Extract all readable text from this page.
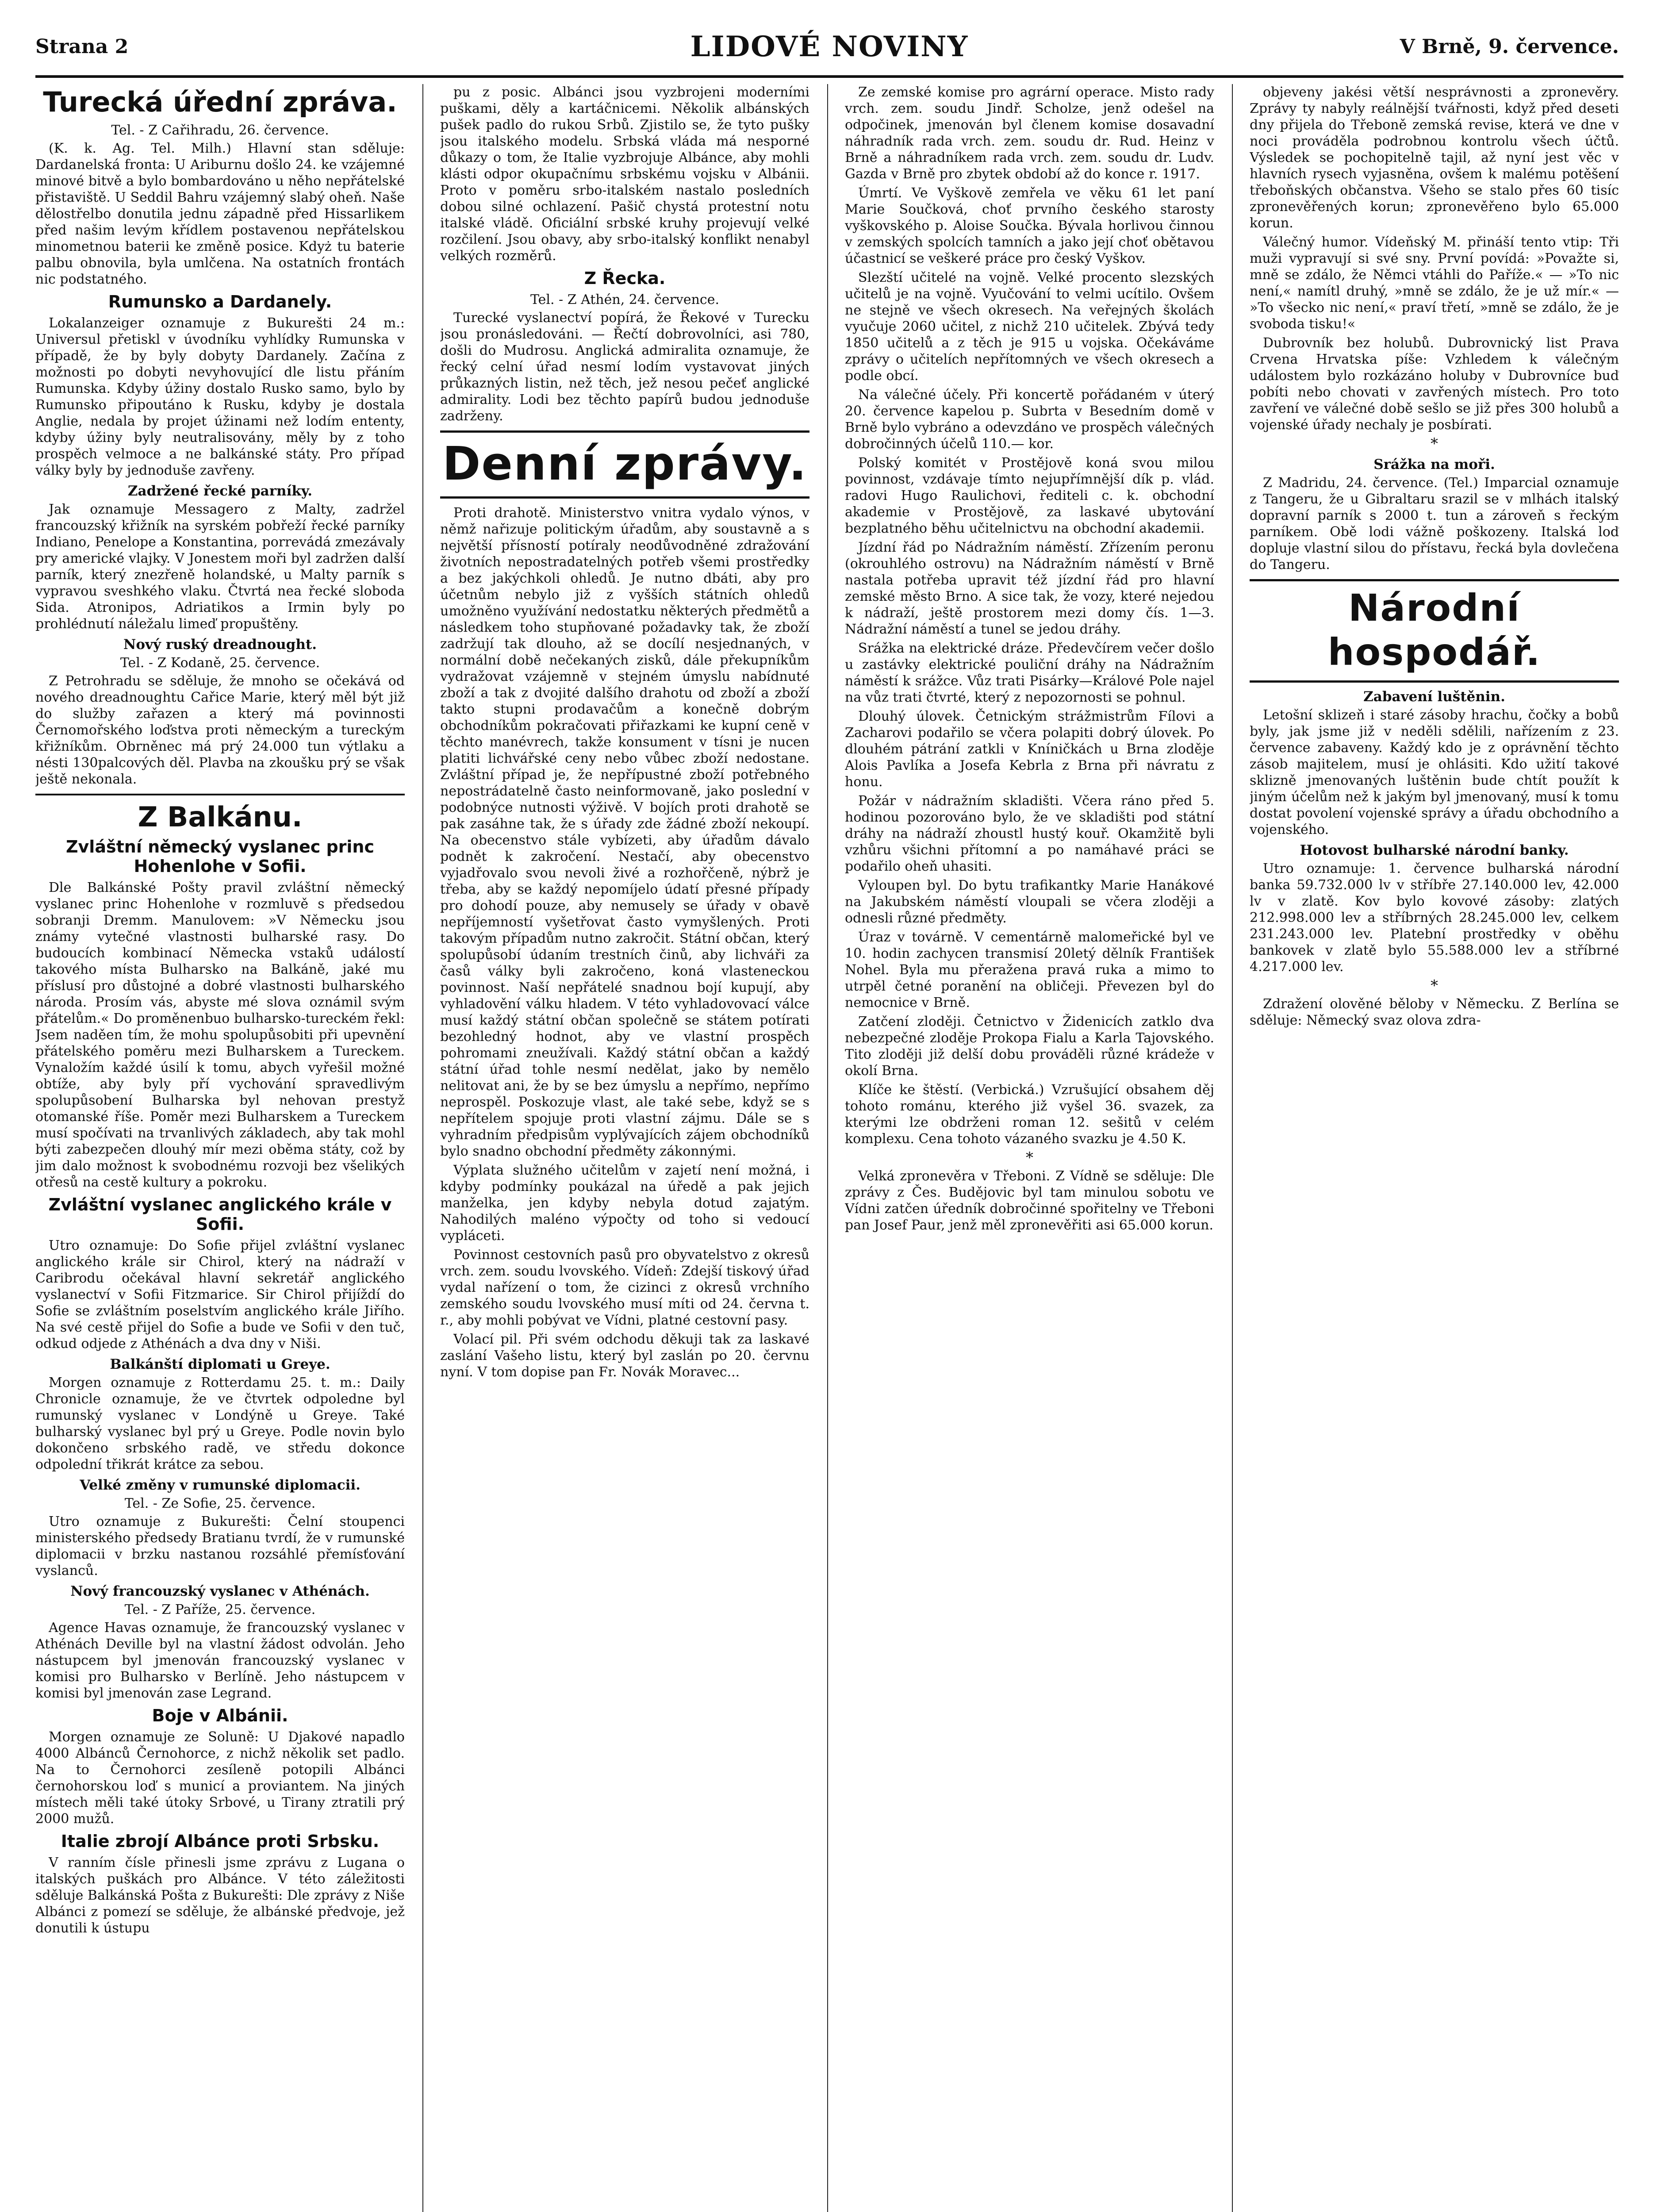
Strana 2	LIDOVÉ NOVINY	V Brně, 9. července.
Turecká úřední zpráva.
Tel. - Z Cařihradu, 26. července.

(K. k. Ag. Tel. Milh.) Hlavní stan sděluje: Dardanelská fronta: U Ariburnu došlo 24. ke vzájemné minové bitvě a bylo bombardováno u něho nepřátelské přistaviště. U Seddil Bahru vzájemný slabý oheň. Naše dělostřelbo donutila jednu západně před Hissarlikem před našim levým křídlem postavenou nepřátelskou minometnou baterii ke změně posice. Kdyż tu baterie palbu obnovila, byla umlčena. Na ostatních frontách nic podstatného.

Rumunsko a Dardanely.

Lokalanzeiger oznamuje z Bukurešti 24 m.: Universul přetiskl v úvodníku vyhlídky Rumunska v případě, že by byly dobyty Dardanely. Začína z možnosti po dobyti nevyhovující dle listu přáním Rumunska. Kdyby úžiny dostalo Rusko samo, bylo by Rumunsko připoutáno k Rusku, kdyby je dostala Anglie, nedala by projet úžinami než lodím ententy, kdyby úžiny byly neutralisovány, měly by z toho prospěch velmoce a ne balkánské státy. Pro případ války byly by jednoduše zavřeny.

Zadržené řecké parníky.

Jak oznamuje Messagero z Malty, zadržel francouzský křižník na syrském pobřeží řecké parníky Indiano, Penelope a Konstantina, porrevádá zmezávaly pry americké vlajky. V Jonestem moři byl zadržen další parník, který znezřeně holandské, u Malty parník s vypravou sveshkého vlaku. Čtvrtá nea řecké sloboda Sida. Atronipos, Adriatikos a Irmin byly po prohlédnutí náležalu limeď propuštěny.

Nový ruský dreadnought.
Tel. - Z Kodaně, 25. července.

Z Petrohradu se sděluje, že mnoho se očekává od nového dreadnoughtu Cařice Marie, který měl být již do služby zařazen a který má povinnosti Černomořského loďstva proti německým a tureckým křižníkům. Obrněnec má prý 24.000 tun výtlaku a nésti 130palcových děl. Plavba na zkoušku prý se však ještě nekonala.

Z Balkánu.
Zvláštní německý vyslanec princ Hohenlohe v Sofii.

Dle Balkánské Pošty pravil zvláštní německý vyslanec princ Hohenlohe v rozmluvě s předsedou sobranji Dremm. Manulovem: »V Německu jsou známy vytečné vlastnosti bulharské rasy. Do budoucích kombinací Německa vstaků událostí takového místa Bulharsko na Balkáně, jaké mu příslusí pro důstojné a dobré vlastnosti bulharského národa. Prosím vás, abyste mé slova oznámil svým přátelům.« Do proměnenbuo bulharsko-tureckém řekl: Jsem naděen tím, že mohu spolupůsobiti při upevnění přátelského poměru mezi Bulharskem a Tureckem. Vynaložím každé úsilí k tomu, abych vyřešil možné obtíže, aby byly pří vychování spravedlivým spolupůsobení Bulharska byl nehovan prestyž otomanské říše. Poměr mezi Bulharskem a Tureckem musí spočívati na trvanlivých základech, aby tak mohl býti zabezpečen dlouhý mír mezi oběma státy, což by jim dalo možnost k svobodnému rozvoji bez všelikých otřesů na cestě kultury a pokroku.

Zvláštní vyslanec anglického krále v Sofii.

Utro oznamuje: Do Sofie přijel zvláštní vyslanec anglického krále sir Chirol, který na nádraží v Caribrodu očekával hlavní sekretář anglického vyslanectví v Sofii Fitzmarice. Sir Chirol přijíždí do Sofie se zvláštním poselstvím anglického krále Jiřího. Na své cestě přijel do Sofie a bude ve Sofii v den tuč, odkud odjede z Athénách a dva dny v Niši.

Balkánští diplomati u Greye.

Morgen oznamuje z Rotterdamu 25. t. m.: Daily Chronicle oznamuje, že ve čtvrtek odpoledne byl rumunský vyslanec v Londýně u Greye. Také bulharský vyslanec byl prý u Greye. Podle novin bylo dokončeno srbského radě, ve středu dokonce odpolední třikrát krátce za sebou.

Velké změny v rumunské diplomacii.
Tel. - Ze Sofie, 25. července.

Utro oznamuje z Bukurešti: Čelní stoupenci ministerského předsedy Bratianu tvrdí, že v rumunské diplomacii v brzku nastanou rozsáhlé přemísťování vyslanců.

Nový francouzský vyslanec v Athénách.
Tel. - Z Paříže, 25. července.

Agence Havas oznamuje, že francouzský vyslanec v Athénách Deville byl na vlastní žádost odvolán. Jeho nástupcem byl jmenován francouzský vyslanec v komisi pro Bulharsko v Berlíně. Jeho nástupcem v komisi byl jmenován zase Legrand.

Boje v Albánii.

Morgen oznamuje ze Soluně: U Djakové napadlo 4000 Albánců Černohorce, z nichž několik set padlo. Na to Černohorci zesíleně potopili Albánci černohorskou loď s municí a proviantem. Na jiných místech měli také útoky Srbové, u Tirany ztratili prý 2000 mužů.

Italie zbrojí Albánce proti Srbsku.

V ranním čísle přinesli jsme zprávu z Lugana o italských puškách pro Albánce. V této záležitosti sděluje Balkánská Pošta z Bukurešti: Dle zprávy z Niše Albánci z pomezí se sděluje, že albánské předvoje, jež donutili k ústupu

pu z posic. Albánci jsou vyzbrojeni moderními puškami, děly a kartáčnicemi. Několik albánských pušek padlo do rukou Srbů. Zjistilo se, že tyto pušky jsou italského modelu. Srbská vláda má nesporné důkazy o tom, že Italie vyzbrojuje Albánce, aby mohli klásti odpor okupačnímu srbskému vojsku v Albánii. Proto v poměru srbo-italském nastalo posledních dobou silné ochlazení. Pašič chystá protestní notu italské vládě. Oficiální srbské kruhy projevují velké rozčilení. Jsou obavy, aby srbo-italský konflikt nenabyl velkých rozměrů.

Z Řecka.
Tel. - Z Athén, 24. července.

Turecké vyslanectví popírá, že Řekové v Turecku jsou pronásledováni. — Řečtí dobrovolníci, asi 780, došli do Mudrosu. Anglická admiralita oznamuje, že řecký celní úřad nesmí lodím vystavovat jiných průkazných listin, než těch, jež nesou pečeť anglické admirality. Lodi bez těchto papírů budou jednoduše zadrženy.

Denní zprávy.

Proti drahotě. Ministerstvo vnitra vydalo výnos, v němž nařizuje politickým úřadům, aby soustavně a s největší přísností potíraly neodůvodněné zdražování životních nepostradatelných potřeb všemi prostředky a bez jakýchkoli ohledů. Je nutno dbáti, aby pro účetnům nebylo již z vyšších státních ohledů umožněno využívání nedostatku některých předmětů a následkem toho stupňované požadavky tak, že zboží zadržují tak dlouho, až se docílí nesjednaných, v normální době nečekaných zisků, dále překupníkům vydražovat vzájemně v stejném úmyslu nabídnuté zboží a tak z dvojité dalšího drahotu od zboží a zboží takto stupni prodavačům a konečně dobrým obchodníkům pokračovati přiřazkami ke kupní ceně v těchto manévrech, takže konsument v tísni je nucen platiti lichvářské ceny nebo vůbec zboží nedostane. Zvláštní případ je, že nepřípustné zboží potřebného nepostrádatelně často neinformovaně, jako poslední v podobnýce nutnosti výživě. V bojích proti drahotě se pak zasáhne tak, že s úřady zde žádné zboží nekoupí. Na obecenstvo stále vybízeti, aby úřadům dávalo podnět k zakročení. Nestačí, aby obecenstvo vyjadřovalo svou nevoli živé a rozhořčeně, nýbrž je třeba, aby se každý nepomíjelo údatí přesné případy pro dohodí pouze, aby nemusely se úřady v obavě nepříjemností vyšetřovat často vymyšlených. Proti takovým případům nutno zakročit. Státní občan, který spolupůsobí údaním trestních činů, aby lichváři za časů války byli zakročeno, koná vlasteneckou povinnost. Naší nepřátelé snadnou bojí kupují, aby vyhladovění válku hladem. V této vyhladovovací válce musí každý státní občan společně se státem potírati bezohledný hodnot, aby ve vlastní prospěch pohromami zneužívali. Každý státní občan a každý státní úřad tohle nesmí nedělat, jako by nemělo nelitovat ani, že by se bez úmyslu a nepřímo, nepřímo neprospěl. Poskozuje vlast, ale také sebe, když se s nepřítelem spojuje proti vlastní zájmu. Dále se s vyhradním předpisům vyplývajících zájem obchodníků bylo snadno obchodní předměty zákonnými.

Výplata služného učitelům v zajetí není možná, i kdyby podmínky poukázal na úředě a pak jejich manželka, jen kdyby nebyla dotud zajatým. Nahodilých maléno výpočty od toho si vedoucí vypláceti.

Povinnost cestovních pasů pro obyvatelstvo z okresů vrch. zem. soudu lvovského. Vídeň: Zdejší tiskový úřad vydal nařízení o tom, že cizinci z okresů vrchního zemského soudu lvovského musí míti od 24. června t. r., aby mohli pobývat ve Vídni, platné cestovní pasy.

Volací pil. Při svém odchodu děkuji tak za laskavé zaslání Vašeho listu, který byl zaslán po 20. červnu nyní. V tom dopise pan Fr. Novák Moravec...

Ze zemské komise pro agrární operace. Misto rady vrch. zem. soudu Jindř. Scholze, jenž odešel na odpočinek, jmenován byl členem komise dosavadní náhradník rada vrch. zem. soudu dr. Rud. Heinz v Brně a náhradníkem rada vrch. zem. soudu dr. Ludv. Gazda v Brně pro zbytek období až do konce r. 1917.

Úmrtí. Ve Vyškově zemřela ve věku 61 let paní Marie Součková, choť prvního českého starosty vyškovského p. Aloise Součka. Bývala horlivou činnou v zemských spolcích tamních a jako její choť obětavou účastnicí se veškeré práce pro český Vyškov.

Slezští učitelé na vojně. Velké procento slezských učitelů je na vojně. Vyučování to velmi ucítilo. Ovšem ne stejně ve všech okresech. Na veřejných školách vyučuje 2060 učitel, z nichž 210 učitelek. Zbývá tedy 1850 učitelů a z těch je 915 u vojska. Očekáváme zprávy o učitelích nepřítomných ve všech okresech a podle obcí.

Na válečné účely. Při koncertě pořádaném v úterý 20. července kapelou p. Subrta v Besedním domě v Brně bylo vybráno a odevzdáno ve prospěch válečných dobročinných účelů 110.— kor.

Polský komitét v Prostějově koná svou milou povinnost, vzdávaje tímto nejupřímnější dík p. vlád. radovi Hugo Raulichovi, řediteli c. k. obchodní akademie v Prostějově, za laskavé ubytování bezplatného běhu učitelnictvu na obchodní akademii.

Jízdní řád po Nádražním náměstí. Zřízením peronu (okrouhlého ostrovu) na Nádražním náměstí v Brně nastala potřeba upravit též jízdní řád pro hlavní zemské město Brno. A sice tak, že vozy, které nejedou k nádraží, ještě prostorem mezi domy čís. 1—3. Nádražní náměstí a tunel se jedou dráhy.

Srážka na elektrické dráze. Předevčírem večer došlo u zastávky elektrické pouliční dráhy na Nádražním náměstí k srážce. Vůz trati Pisárky—Králové Pole najel na vůz trati čtvrté, který z nepozornosti se pohnul.

Dlouhý úlovek. Četnickým strážmistrům Fílovi a Zacharovi podařilo se včera polapiti dobrý úlovek. Po dlouhém pátrání zatkli v Kníničkách u Brna zloděje Alois Pavlíka a Josefa Kebrla z Brna při návratu z honu.

Požár v nádražním skladišti. Včera ráno před 5. hodinou pozorováno bylo, že ve skladišti pod státní dráhy na nádraží zhoustl hustý kouř. Okamžitě byli vzhůru všichni přítomní a po namáhavé práci se podařilo oheň uhasiti.

Vyloupen byl. Do bytu trafikantky Marie Hanákové na Jakubském náměstí vloupali se včera zloději a odnesli různé předměty.

Úraz v továrně. V cementárně malomeřické byl ve 10. hodin zachycen transmisí 20letý dělník František Nohel. Byla mu přeražena pravá ruka a mimo to utrpěl četné poranění na obličeji. Převezen byl do nemocnice v Brně.

Zatčení zloději. Četnictvo v Židenicích zatklo dva nebezpečné zloděje Prokopa Fialu a Karla Tajovského. Tito zloději již delší dobu prováděli různé krádeže v okolí Brna.

Klíče ke štěstí. (Verbická.) Vzrušující obsahem děj tohoto románu, kterého již vyšel 36. svazek, za kterými lze obdrženi roman 12. sešitů v celém komplexu. Cena tohoto vázaného svazku je 4.50 K.

*

Velká zpronevěra v Třeboni. Z Vídně se sděluje: Dle zprávy z Čes. Budějovic byl tam minulou sobotu ve Vídni zatčen úředník dobročinné spořitelny ve Třeboni pan Josef Paur, jenž měl zpronevěřiti asi 65.000 korun.

objeveny jakési větší nesprávnosti a zpronevěry. Zprávy ty nabyly reálnější tvářnosti, když před deseti dny přijela do Třeboně zemská revise, která ve dne v noci prováděla podrobnou kontrolu všech účtů. Výsledek se pochopitelně tajil, až nyní jest věc v hlavních rysech vyjasněna, ovšem k malému potěšení třeboňských občanstva. Všeho se stalo přes 60 tisíc zpronevěřených korun; zpronevěřeno bylo 65.000 korun.

Válečný humor. Vídeňský M. přináší tento vtip: Tři muži vypravují si své sny. První povídá: »Považte si, mně se zdálo, že Němci vtáhli do Paříže.« — »To nic není,« namítl druhý, »mně se zdálo, že je už mír.« — »To všecko nic není,« praví třetí, »mně se zdálo, že je svoboda tisku!«

Dubrovník bez holubů. Dubrovnický list Prava Crvena Hrvatska píše: Vzhledem k válečným událostem bylo rozkázáno holuby v Dubrovníce buď pobíti nebo chovati v zavřených místech. Pro toto zavření ve válečné době sešlo se již přes 300 holubů a vojenské úřady nechaly je posbírati.

*
Srážka na moři.

Z Madridu, 24. července. (Tel.) Imparcial oznamuje z Tangeru, že u Gibraltaru srazil se v mlhách italský dopravní parník s 2000 t. tun a zároveň s řeckým parníkem. Obě lodi vážně poškozeny. Italská loď dopluje vlastní silou do přístavu, řecká byla dovlečena do Tangeru.

Národní hospodář.
Zabavení luštěnin.

Letošní sklizeň i staré zásoby hrachu, čočky a bobů byly, jak jsme již v neděli sdělili, nařízením z 23. července zabaveny. Každý kdo je z oprávnění těchto zásob majitelem, musí je ohlásiti. Kdo užití takové sklizně jmenovaných luštěnin bude chtít použít k jiným účelům než k jakým byl jmenovaný, musí k tomu dostat povolení vojenské správy a úřadu obchodního a vojenského.

Hotovost bulharské národní banky.

Utro oznamuje: 1. července bulharská národní banka 59.732.000 lv v stříbře 27.140.000 lev, 42.000 lv v zlatě. Kov bylo kovové zásoby: zlatých 212.998.000 lev a stříbrných 28.245.000 lev, celkem 231.243.000 lev. Platební prostředky v oběhu bankovek v zlatě bylo 55.588.000 lev a stříbrné 4.217.000 lev.

*

Zdražení olověné běloby v Německu. Z Berlína se sděluje: Německý svaz olova zdra-
